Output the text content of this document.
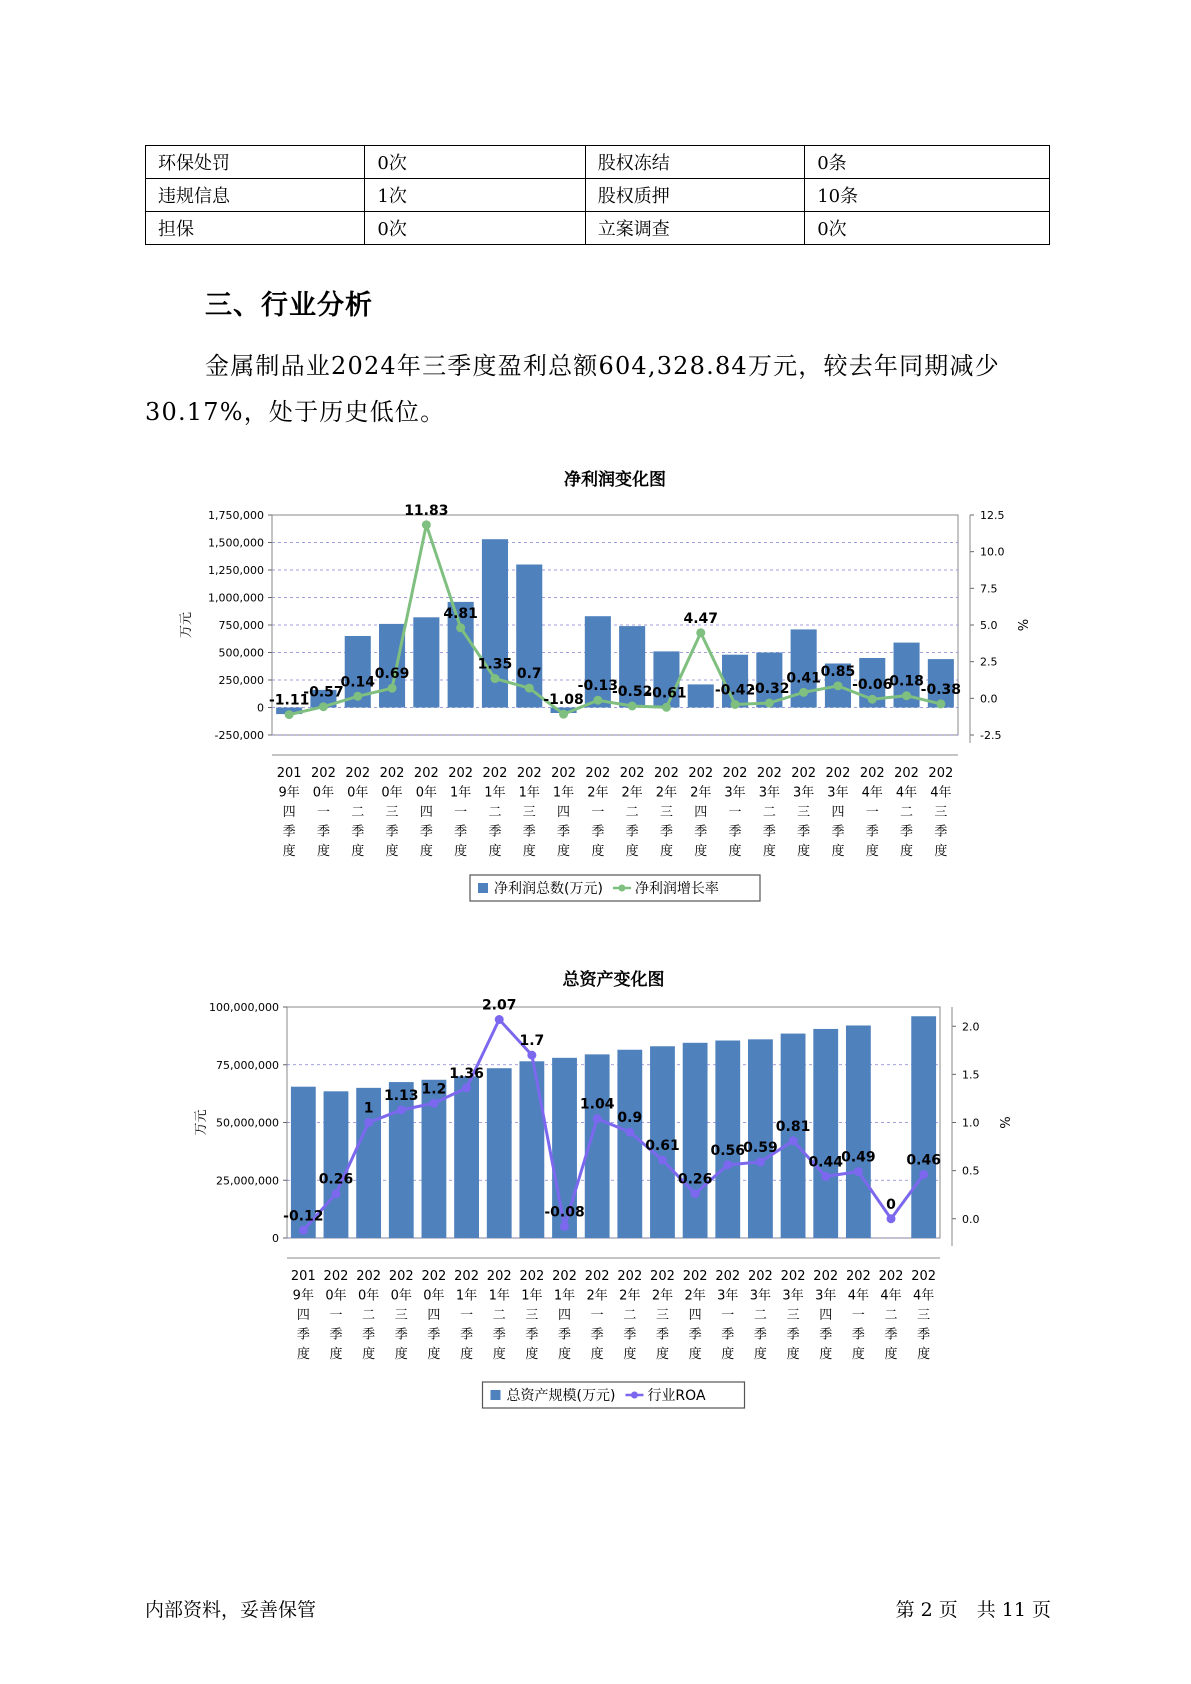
环保处罚	0次	股权冻结	0条
违规信息	1次	股权质押	10条
担保	0次	立案调查	0次
三、行业分析
金属制品业2024年三季度盈利总额604,328.84万元，较去年同期减少30.17%，处于历史低位。
净利润变化图
1,750,000
1,500,000
1,250,000
1,000,000
750,000
500,000
250,000
0
-250,000
12.5
10.0
7.5
5.0
2.5
0.0
-2.5
万元	%
-1.11
-0.57
0.14
0.69
11.83
4.81
1.35
0.7
-1.08
-0.13
-0.52
-0.61
4.47
-0.42
-0.32
0.41 0.85
-0.06
0.18
-0.38
201 9年四季度
202 0年一季度
202 0年二季度
202 0年三季度
202 0年四季度
202 1年一季度
202 1年二季度
202 1年三季度
202 1年四季度
202 2年一季度
202 2年二季度
202 2年三季度
202 2年四季度
202 3年一季度
202 3年二季度
202 3年三季度
202 3年四季度
202 4年一季度
202 4年二季度
202 4年三季度
净利润总数(万元) 净利润增长率
总资产变化图
100,000,000
75,000,000
50,000,000
25,000,000
0
2.0
1.5
1.0
0.5
0.0
万元	%
-0.12
0.26
1
1.13 1.2
1.36
2.07
1.7
-0.08
1.04
0.9
0.61
0.26
0.56
0.59
0.81
0.44
0.49
0
0.46
201 9年四季度
202 0年一季度
202 0年二季度
202 0年三季度
202 0年四季度
202 1年一季度
202 1年二季度
202 1年三季度
202 1年四季度
202 2年一季度
202 2年二季度
202 2年三季度
202 2年四季度
202 3年一季度
202 3年二季度
202 3年三季度
202 3年四季度
202 4年一季度
202 4年二季度
202 4年三季度
总资产规模(万元) 行业ROA
内部资料，妥善保管	第 2 页　共 11 页
